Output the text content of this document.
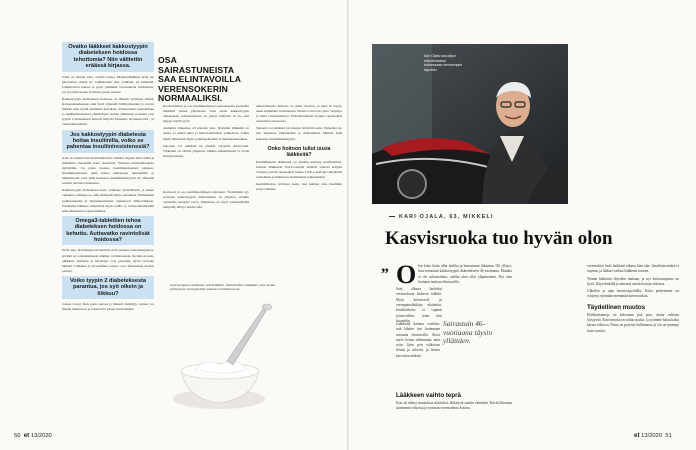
Ovatko lääkkeet kakkostyypin diabeteksen hoidossa tehottomia? Niin välitettin eräässä kirjassa.

Väite on outtain totta, outtain tarnaa. Diabeteslääkkeet eivät ole tehottomia, mutta eri valmisteiden teho vaihtelee eri ihmisillä. Lääkehoidon kanssa ei pysty pitämään verensokeria normaalina, jos syö mitä sattuu, ei liiku ja paino nousee.

Kakkostyypin diabeteksen hoidossa on tärkeää syömisen määrä. Kokonaisuudessaan olisi hyvä vähentää hiilihydraattien ja rasvan määrää sekä syödä enemmän kasviksia. Verensokerin kohoaminen ja insuliiniresistenssi yhdistettynä aterian jälkeiseen nousuun ovat tyypin 2 diabeteksen hoitoon liittyviä haasteita, ettyhteistyöltä - ja verituomitaudeilta.

Jos kakkostyypin diabetesta hoitaa insuliinilla, voiko se pahentaa insuliiniresistenssiä?

Asia on outtain noin. Insuliinihoidon vaikutus riippuu siitä, miksi ja millaisilla annoksilla hoito aloitetaan. Yleisesti insuliinihoidosta hyödytään. Jos paino nousee, insuliiniresistenssi pahenee. Insuliiniresistenssi pitää hoitaa elintapojen muutoksilla ja lääkityksellä, joka lisää kudosten insuliiniherkkyyttä tai vähentää sokerin tuotantoa maksassa.

Kakkostyypin diabeteksen hoito vaihtelee yksilöllisesti, ja siihen vaikuttaa vaikkapa se, onko ihmisellä muita sairauksia. Esimerkiksi sydänsairaudet ja munuaissairaudet vaikuttavat lääkevalintaan. Uusimmat lääkkeet vähentävät myös sydän- ja verisuonitautiriskiä sekä munuaisten vajaatoimintaa.

Omega3-tablettien tehoa diabeteksen hoidossa on kehuttu. Auttavatko ravintolisät hoidossa?

Eivät auta. Ravushapporavintolisät eivät paranna sokeritasapainoa, eivätkä ne todennäköisesti ehkäise valtimotauteja. Ravintoon kala, pähkinät, siemenet ja kasviöljyt ovat parempia hyviä rasvojen lähteitä. Lääkkeet ja terveellinen ravinto ovat diabeteksen hoidon perusta.

Voiko tyypin 2 diabeteksesta parantua, jos syö oikein ja liikkuu?

Joskus voivat. Kun paino putoaa ja liikunta lisääntyy, sairaus voi mennä remissioon ja sokeriarvot palata normaaleiksi.

OSA SAIRASTUNEISTA SAA ELINTAVOILLA VERENSOKERIN NORMAALIKSI.

Kortisonitaulu ja osa insuliinierityksen kohonneesta kortisolin määrästä johtuu ylipainosta. Kun tautia kakkostyypin diabeteksen sairastumisessa on paljon tekijöitä, ei ole aina helppo löytää syytä.

Aiemmin lääkeaine oli pääosin yksi. Nykyään lääkkeitä on useita, ja niiden tehot ja haittavaikutukset vaihtelevat. Jotkut niistä vähentävät myös sydäntapahtumia ja munuaissairauksia.

Sairautta voi ehkäistä tai ainakin viivyttää elintavoilla. Tärkeintä on välttää ylipainoa, liikkua säännöllisesti ja syödä monipuolisesti.

Kortisoni ja osa insuliinierityksen kohonnut. Yleisimmät syy sairastua kakkostyypin diabetekseen on ylipaino, etenkin vyötärölle kertynyt rasva. Vaikutusta on myös perinnöllisillä tekijöillä, iällä ja elintavoilla.

Alkuvaiheessa diabetes on usein oireeton, ja siksi se löytyy usein sattumalta verikokeista. Oireita voivat olla jano, väsymys ja tiheä virtsaamistarve. Hoitamattomana korkea verensokeri vaurioittaa verisuonia.

Satuaala voi ehkäistä tai ainakin viivyttää tautia. Tärkeintä on, että ylipainoa vähennetään ja säännöllinen liikunta lisää kudosten insuliiniherkkyyttä.

Onko hoitoon tullut uusia lääkkeitä?

Ensimmäisenä lääkkeenä on pitkään käytetty metformiinia. Uusista lääkkeistä SGLT2-estäjät lisäävät sokerin eritystä virtsaan, jolloin verensokeri laskee. GLP-1-analogit vähentävät ruokahalua ja hidastavat mahalaukun tyhjenemistä.

Insuliinihoitoa tarvitaan usein, kun haiman oma insuliinin eritys vähenee.

Asiantuntijana sisätautien erikoislääkäri, Diabetesliiton pääiäkäri, joka vastaa yhdistyksen terveydentilan palvelun kehittämisestä.
50 et 13/2020
Kari Ojala sai paljon elämänlaatua tottuessaan terveempiin tapoihin.
KARI OJALA, 63, MIKKELI
Kasvisruoka tuo hyvän olon
„ Olen koko ikäni ollut hoikka ja harrastanut liikuntaa. Oli yllätys, kun sairastuin kakkostyypin diabetekseen 46-vuotiaana. Minulla ei ole sukurasitetta, vaikka olen ollut ylipainoinen. Nyt olen hoitanut tautiani elintavoilla.

Sain alkuun hoidoksi verensokeria laskevat tabletit. Myös kolesteroli- ja verenpainelääkitys aloitettiin. Insuliinihoito ei sopinut työtavoilleni, joten siitä luovuttiin.

Lääkkeitä kannoa sovittiin, että lähden itse hoitamaan sairautta elintavoilla. Aloin myös hoitaa vähemmän, mitä syön. Jätin pois valkoisen leivän ja sokerin, ja lisäsin kasvisten määrää.

Sairastuin 46-vuotiaana täysin yllättäen.
Lääkkeen vaihto teprä

Kun oli tehnyt muutoksia riittävästi, lääkitystä saatiin vähentää. Kävin liikuntaa useammin viikossa ja seurasin verensokeria kotona.

verensokeri laski lenkkien aikana liian alas. Insuliinin määrä ei sopinut, ja lääkäri vaihtoi lääkkeen toiseen.

Toimin lääkärini ohjeiden mukaan, ja nyt hoitotasapaino on hyvä. Käyn lenkillä ja uimassa useita kertoja viikossa.

Ulkoilen ja ajan moottoripyörällä. Koko perheemme on ryhtynyt syömään enemmän kasvisruokaa.

Täydellinen muutos

Hiilihydraatteja en kokonaan jätä pois, mutta valitsen täysjyvää. Kasvisruoka on tullut tutuksi, ja syömme kalaa kaksi kertaa viikossa. Paino on pysynyt hallinnassa ja olo on parempi kuin vuosiin.

et 13/2020 51
